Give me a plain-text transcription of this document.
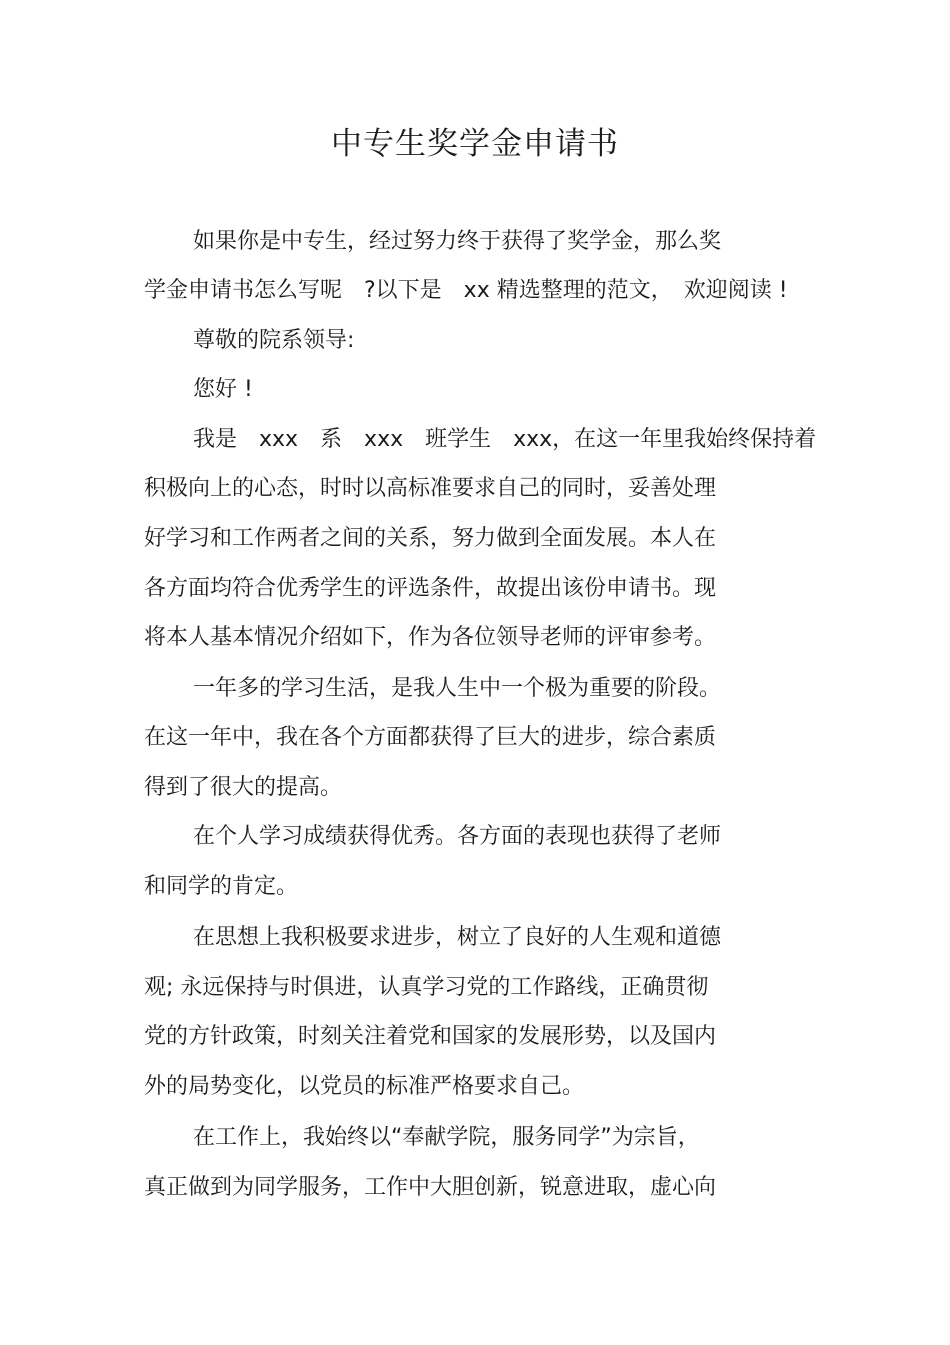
中专生奖学金申请书
如果你是中专生，经过努力终于获得了奖学金，那么奖
学金申请书怎么写呢　?以下是　xx 精选整理的范文，　欢迎阅读 !
尊敬的院系领导:
您好 !
我是　xxx　系　xxx　班学生　xxx，在这一年里我始终保持着
积极向上的心态，时时以高标准要求自己的同时，妥善处理
好学习和工作两者之间的关系，努力做到全面发展。本人在
各方面均符合优秀学生的评选条件，故提出该份申请书。现
将本人基本情况介绍如下，作为各位领导老师的评审参考。
一年多的学习生活，是我人生中一个极为重要的阶段。
在这一年中，我在各个方面都获得了巨大的进步，综合素质
得到了很大的提高。
在个人学习成绩获得优秀。各方面的表现也获得了老师
和同学的肯定。
在思想上我积极要求进步，树立了良好的人生观和道德
观; 永远保持与时俱进，认真学习党的工作路线，正确贯彻
党的方针政策，时刻关注着党和国家的发展形势，以及国内
外的局势变化，以党员的标准严格要求自己。
在工作上，我始终以“奉献学院，服务同学”为宗旨，
真正做到为同学服务，工作中大胆创新，锐意进取，虚心向
